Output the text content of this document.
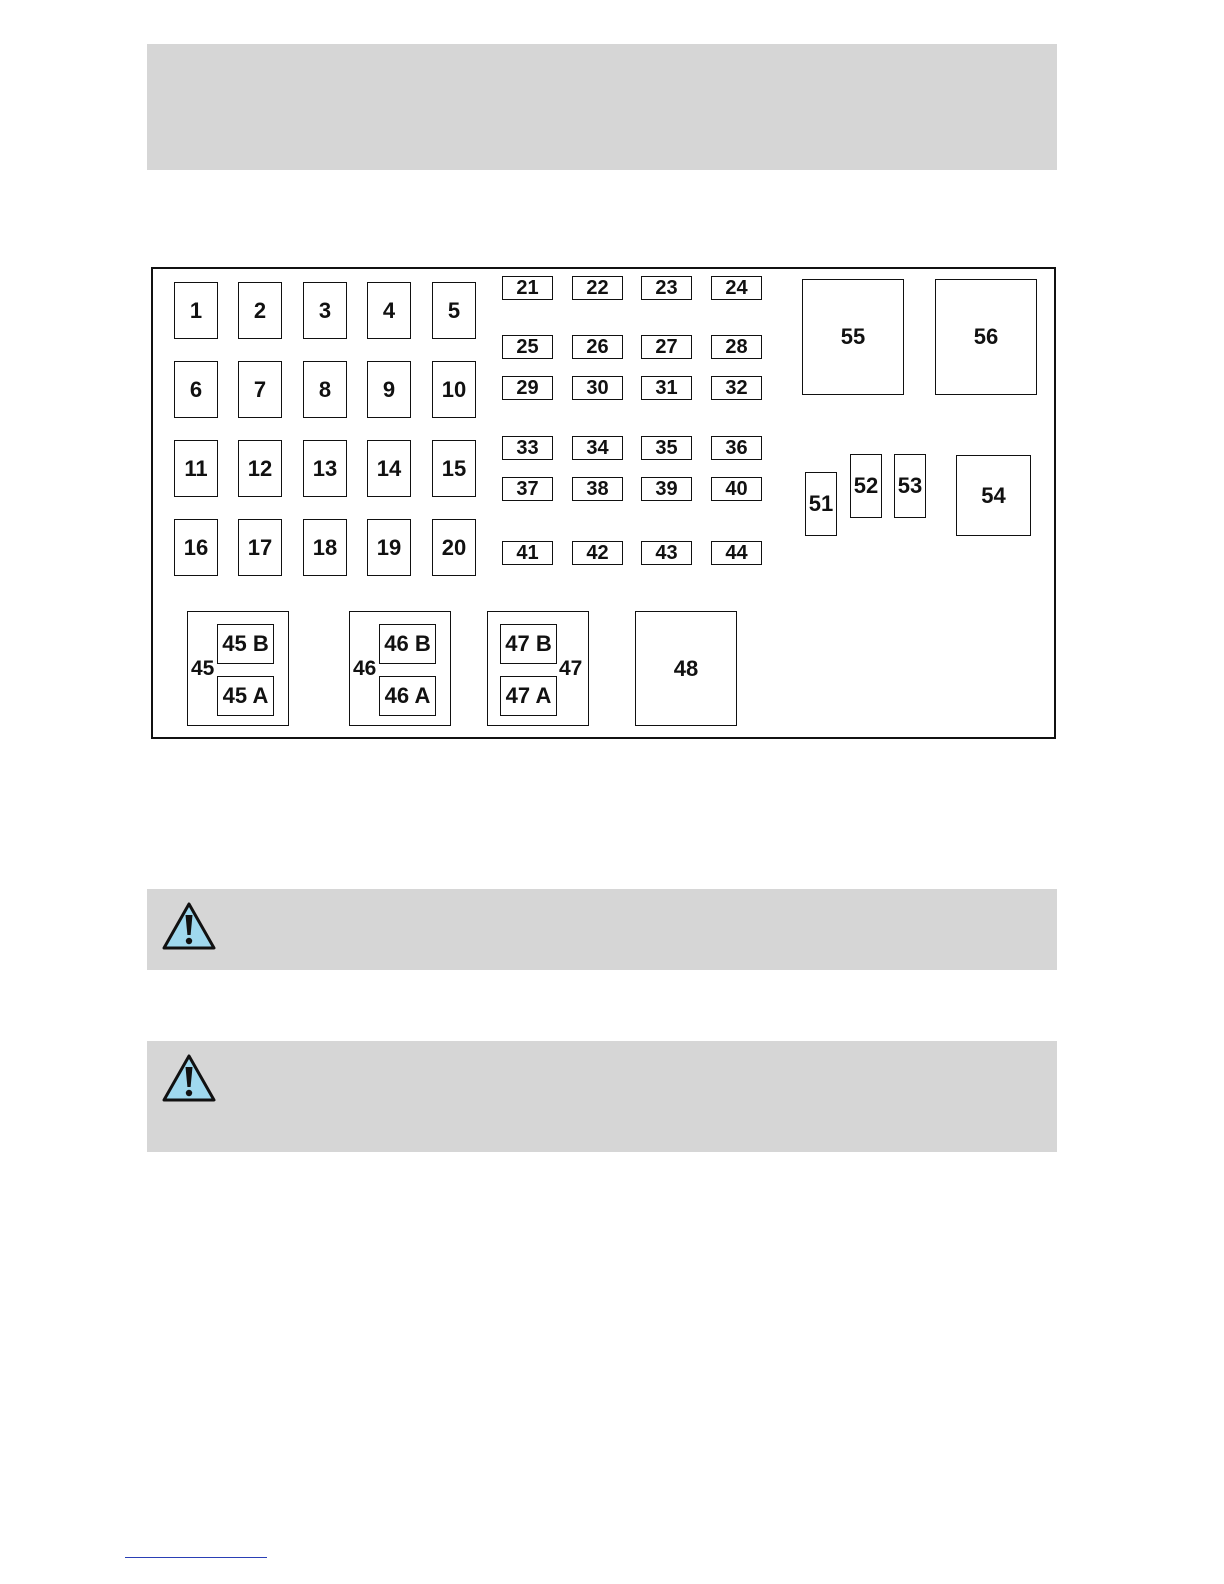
1	2	3	4	5
6	7	8	9	10
11	12	13	14	15
16	17	18	19	20
21	22	23	24
25	26	27	28
29	30	31	32
33	34	35	36
37	38	39	40
41	42	43	44
55	56
51
52 53	54
45
45 B
45 A
46
46 B
46 A
47
47 B
47 A
48
